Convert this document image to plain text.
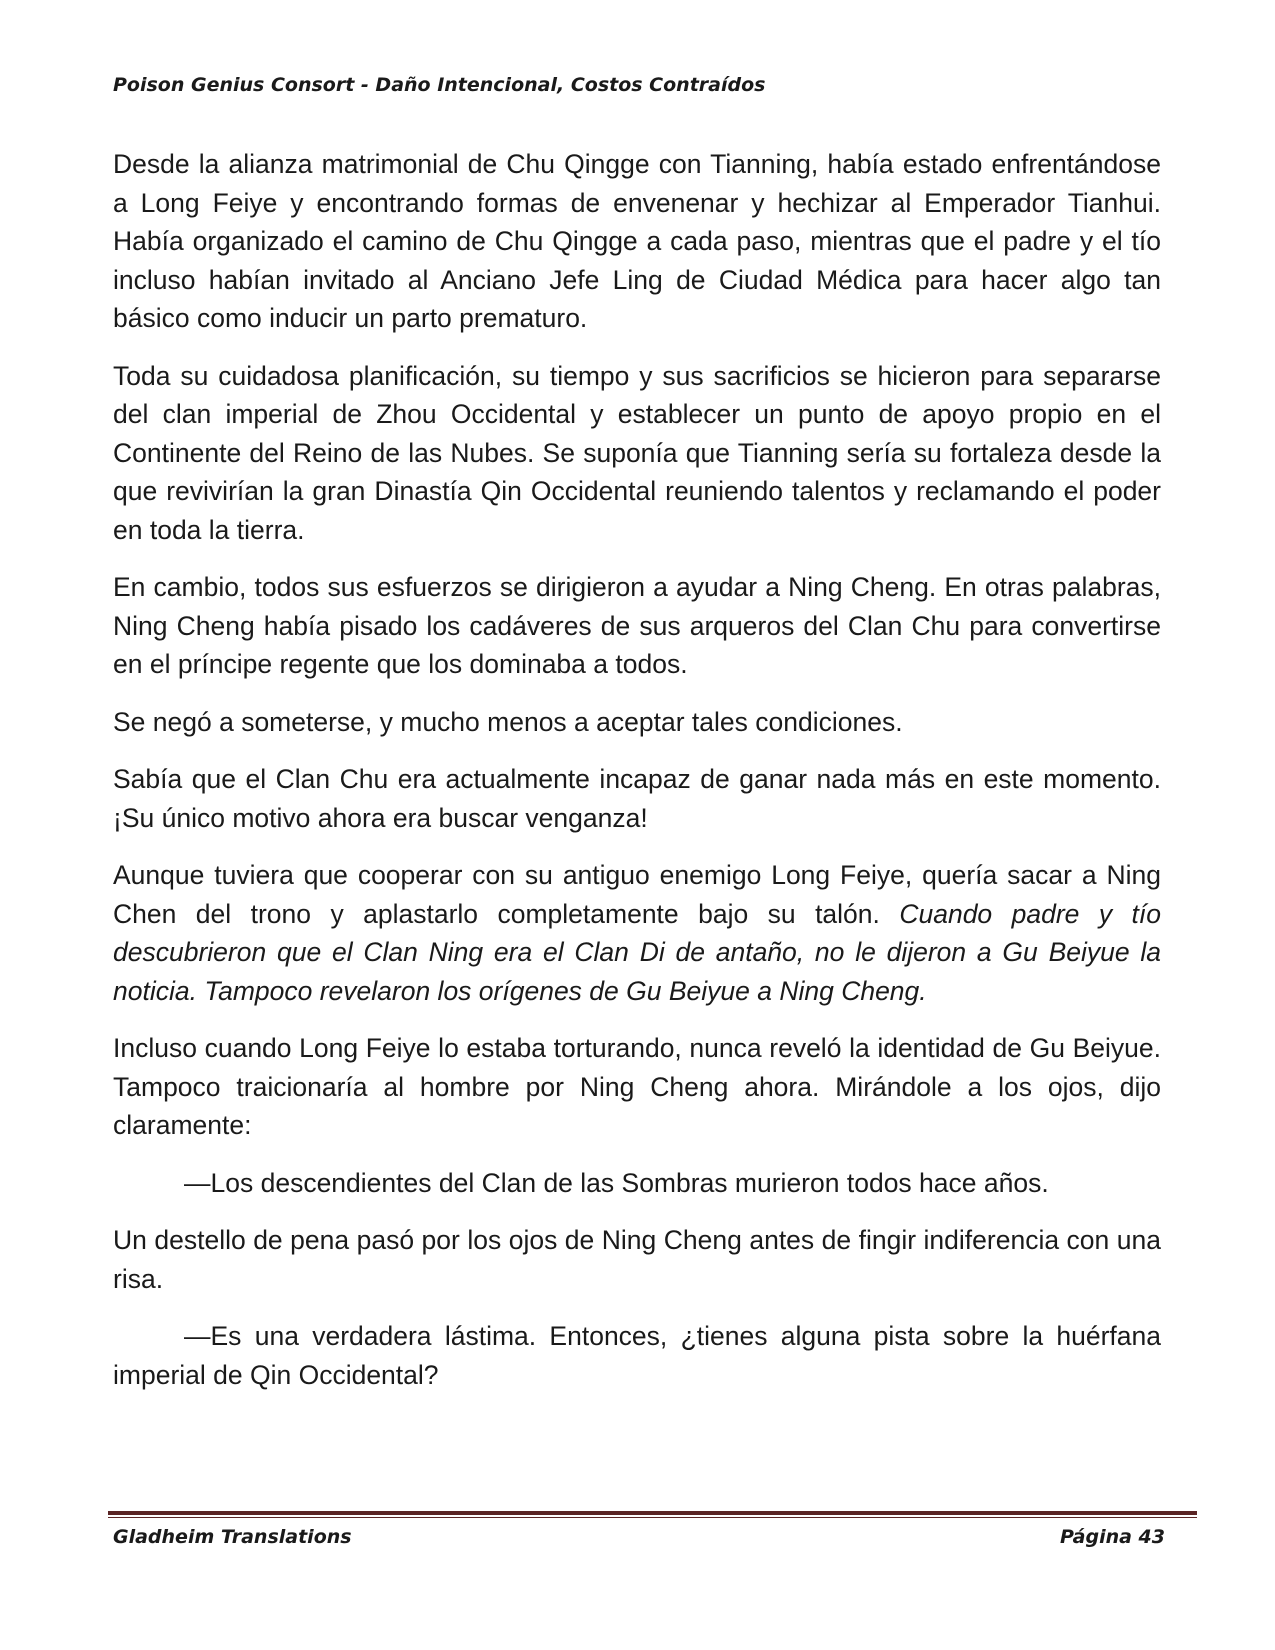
Poison Genius Consort - Daño Intencional, Costos Contraídos

Desde la alianza matrimonial de Chu Qingge con Tianning, había estado enfrentándose a Long Feiye y encontrando formas de envenenar y hechizar al Emperador Tianhui. Había organizado el camino de Chu Qingge a cada paso, mientras que el padre y el tío incluso habían invitado al Anciano Jefe Ling de Ciudad Médica para hacer algo tan básico como inducir un parto prematuro.

Toda su cuidadosa planificación, su tiempo y sus sacrificios se hicieron para separarse del clan imperial de Zhou Occidental y establecer un punto de apoyo propio en el Continente del Reino de las Nubes. Se suponía que Tianning sería su fortaleza desde la que revivirían la gran Dinastía Qin Occidental reuniendo talentos y reclamando el poder en toda la tierra.

En cambio, todos sus esfuerzos se dirigieron a ayudar a Ning Cheng. En otras palabras, Ning Cheng había pisado los cadáveres de sus arqueros del Clan Chu para convertirse en el príncipe regente que los dominaba a todos.

Se negó a someterse, y mucho menos a aceptar tales condiciones.

Sabía que el Clan Chu era actualmente incapaz de ganar nada más en este momento. ¡Su único motivo ahora era buscar venganza!

Aunque tuviera que cooperar con su antiguo enemigo Long Feiye, quería sacar a Ning Chen del trono y aplastarlo completamente bajo su talón. Cuando padre y tío descubrieron que el Clan Ning era el Clan Di de antaño, no le dijeron a Gu Beiyue la noticia. Tampoco revelaron los orígenes de Gu Beiyue a Ning Cheng.

Incluso cuando Long Feiye lo estaba torturando, nunca reveló la identidad de Gu Beiyue. Tampoco traicionaría al hombre por Ning Cheng ahora. Mirándole a los ojos, dijo claramente:

—Los descendientes del Clan de las Sombras murieron todos hace años.

Un destello de pena pasó por los ojos de Ning Cheng antes de fingir indiferencia con una risa.

—Es una verdadera lástima. Entonces, ¿tienes alguna pista sobre la huérfana imperial de Qin Occidental?

Gladheim Translations	Página 43
